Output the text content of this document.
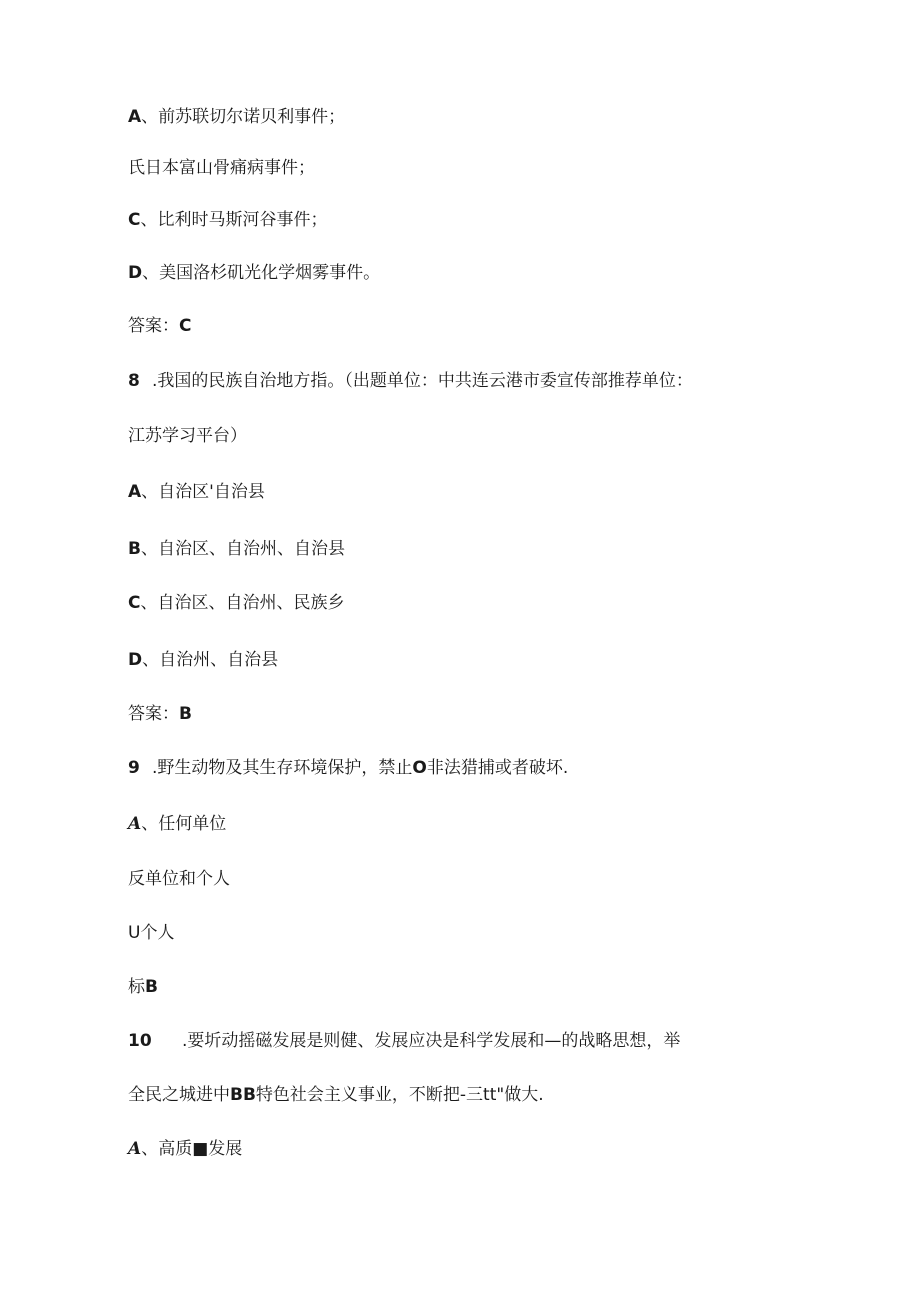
A、前苏联切尔诺贝利事件；
氏日本富山骨痛病事件；
C、比利时马斯河谷事件；
D、美国洛杉矶光化学烟雾事件。
答案：C
8 .我国的民族自治地方指。（出题单位：中共连云港市委宣传部推荐单位：
江苏学习平台）
A、自治区'自治县
B、自治区、自治州、自治县
C、自治区、自治州、民族乡
D、自治州、自治县
答案：B
9 .野生动物及其生存环境保护，禁止O非法猎捕或者破坏.
A、任何单位
反单位和个人
U个人
标B
10 .要圻动摇磁发展是则健、发展应决是科学发展和—的战略思想，举
全民之城进中BB特色社会主义事业，不断把-三tt"做大.
A、高质■发展
